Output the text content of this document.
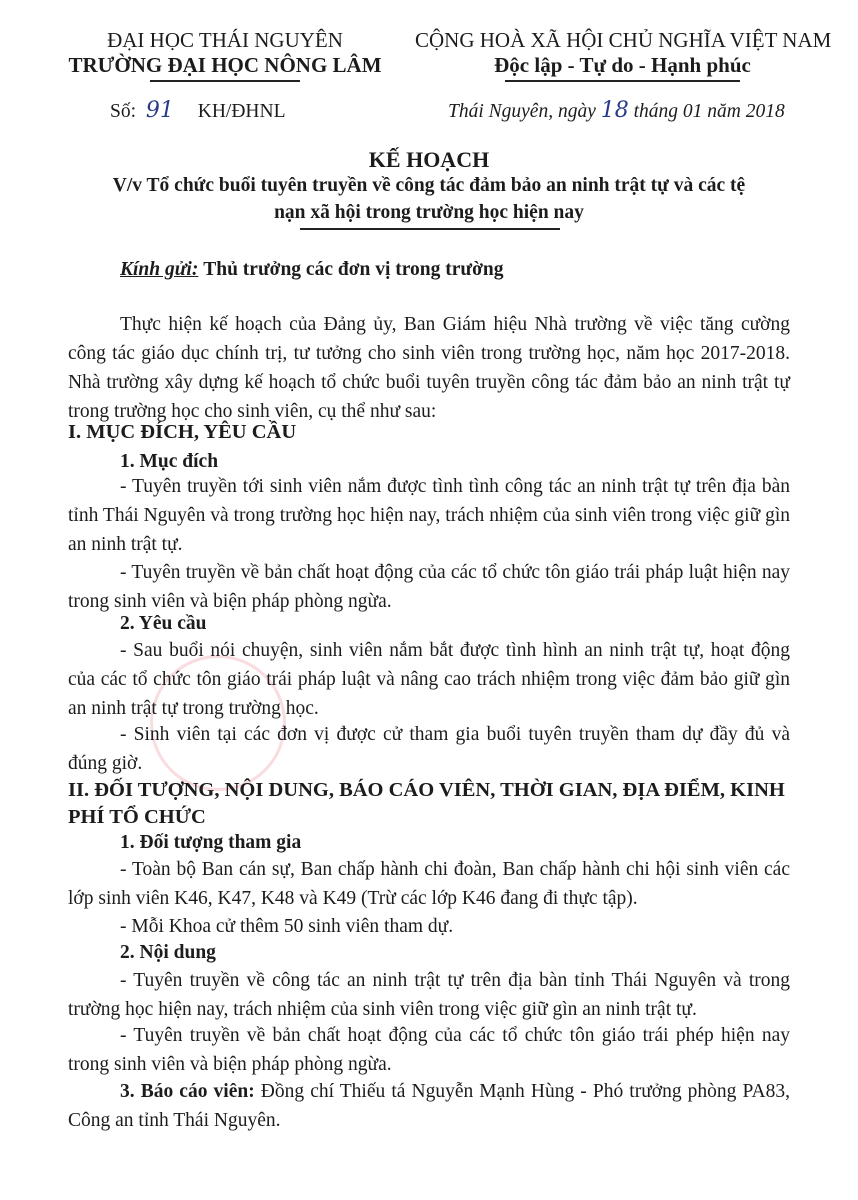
ĐẠI HỌC THÁI NGUYÊN
TRƯỜNG ĐẠI HỌC NÔNG LÂM
CỘNG HOÀ XÃ HỘI CHỦ NGHĨA VIỆT NAM
Độc lập - Tự do - Hạnh phúc
Số: 91 KH/ĐHNL	Thái Nguyên, ngày 18 tháng 01 năm 2018
KẾ HOẠCH
V/v Tổ chức buổi tuyên truyền về công tác đảm bảo an ninh trật tự và các tệ
nạn xã hội trong trường học hiện nay
Kính gửi: Thủ trưởng các đơn vị trong trường

Thực hiện kế hoạch của Đảng ủy, Ban Giám hiệu Nhà trường về việc tăng cường công tác giáo dục chính trị, tư tưởng cho sinh viên trong trường học, năm học 2017-2018. Nhà trường xây dựng kế hoạch tổ chức buổi tuyên truyền công tác đảm bảo an ninh trật tự trong trường học cho sinh viên, cụ thể như sau:

I. MỤC ĐÍCH, YÊU CẦU
1. Mục đích

- Tuyên truyền tới sinh viên nắm được tình tình công tác an ninh trật tự trên địa bàn tỉnh Thái Nguyên và trong trường học hiện nay, trách nhiệm của sinh viên trong việc giữ gìn an ninh trật tự.

- Tuyên truyền về bản chất hoạt động của các tổ chức tôn giáo trái pháp luật hiện nay trong sinh viên và biện pháp phòng ngừa.

2. Yêu cầu

- Sau buổi nói chuyện, sinh viên nắm bắt được tình hình an ninh trật tự, hoạt động của các tổ chức tôn giáo trái pháp luật và nâng cao trách nhiệm trong việc đảm bảo giữ gìn an ninh trật tự trong trường học.

- Sinh viên tại các đơn vị được cử tham gia buổi tuyên truyền tham dự đầy đủ và đúng giờ.

II. ĐỐI TƯỢNG, NỘI DUNG, BÁO CÁO VIÊN, THỜI GIAN, ĐỊA ĐIỂM, KINH
PHÍ TỔ CHỨC
1. Đối tượng tham gia

- Toàn bộ Ban cán sự, Ban chấp hành chi đoàn, Ban chấp hành chi hội sinh viên các lớp sinh viên K46, K47, K48 và K49 (Trừ các lớp K46 đang đi thực tập).

- Mỗi Khoa cử thêm 50 sinh viên tham dự.

2. Nội dung

- Tuyên truyền về công tác an ninh trật tự trên địa bàn tỉnh Thái Nguyên và trong trường học hiện nay, trách nhiệm của sinh viên trong việc giữ gìn an ninh trật tự.

- Tuyên truyền về bản chất hoạt động của các tổ chức tôn giáo trái phép hiện nay trong sinh viên và biện pháp phòng ngừa.

3. Báo cáo viên: Đồng chí Thiếu tá Nguyễn Mạnh Hùng - Phó trưởng phòng PA83, Công an tỉnh Thái Nguyên.
